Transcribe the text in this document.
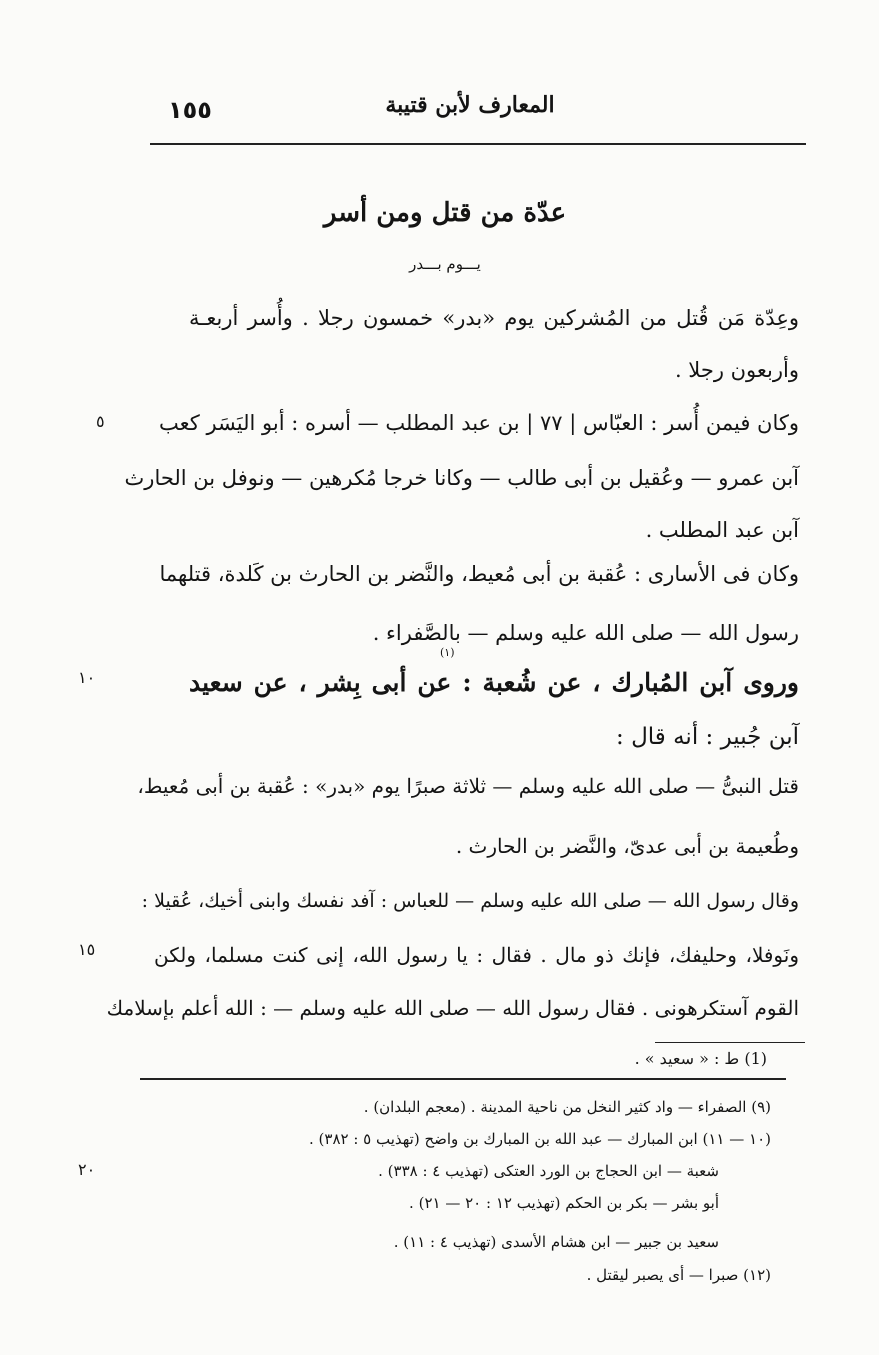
١٥٥	المعارف لأبن قتيبة
عدّة من قتل ومن أسر
يـــوم بـــدر
وعِدّة مَن قُتل من المُشركين يوم «بدر» خمسون رجلا . وأُسر أربعـة
وأربعون رجلا .
وكان فيمن أُسر : العبّاس | ٧٧ | بن عبد المطلب — أسره : أبو اليَسَر كعب
آبن عمرو — وعُقيل بن أبى طالب — وكانا خرجا مُكرهين — ونوفل بن الحارث
آبن عبد المطلب .
وكان فى الأسارى : عُقبة بن أبى مُعيط، والنَّضر بن الحارث بن كَلدة، قتلهما
رسول الله — صلى الله عليه وسلم — بالصَّفراء .
(١)
وروى آبن المُبارك ، عن شُعبة : عن أبى بِشر ، عن سعيد
آبن جُبير : أنه قال :
قتل النبىُّ — صلى الله عليه وسلم — ثلاثة صبرًا يوم «بدر» : عُقبة بن أبى مُعيط،
وطُعيمة بن أبى عدىّ، والنَّضر بن الحارث .
وقال رسول الله — صلى الله عليه وسلم — للعباس : آفد نفسك وابنى أخيك، عُقيلا :
ونَوفلا، وحليفك، فإنك ذو مال . فقال : يا رسول الله، إنى كنت مسلما، ولكن
القوم آستكرهونى . فقال رسول الله — صلى الله عليه وسلم — : الله أعلم بإسلامك
٥
١٠
١٥
٢٠
(1) ط : « سعيد » .
(٩) الصفراء — واد كثير النخل من ناحية المدينة . (معجم البلدان) .
(١٠ — ١١) ابن المبارك — عبد الله بن المبارك بن واضح (تهذيب ٥ : ٣٨٢) .
شعبة — ابن الحجاج بن الورد العتكى (تهذيب ٤ : ٣٣٨) .
أبو بشر — بكر بن الحكم (تهذيب ١٢ : ٢٠ — ٢١) .
سعيد بن جبير — ابن هشام الأسدى (تهذيب ٤ : ١١) .
(١٢) صبرا — أى يصبر ليقتل .
